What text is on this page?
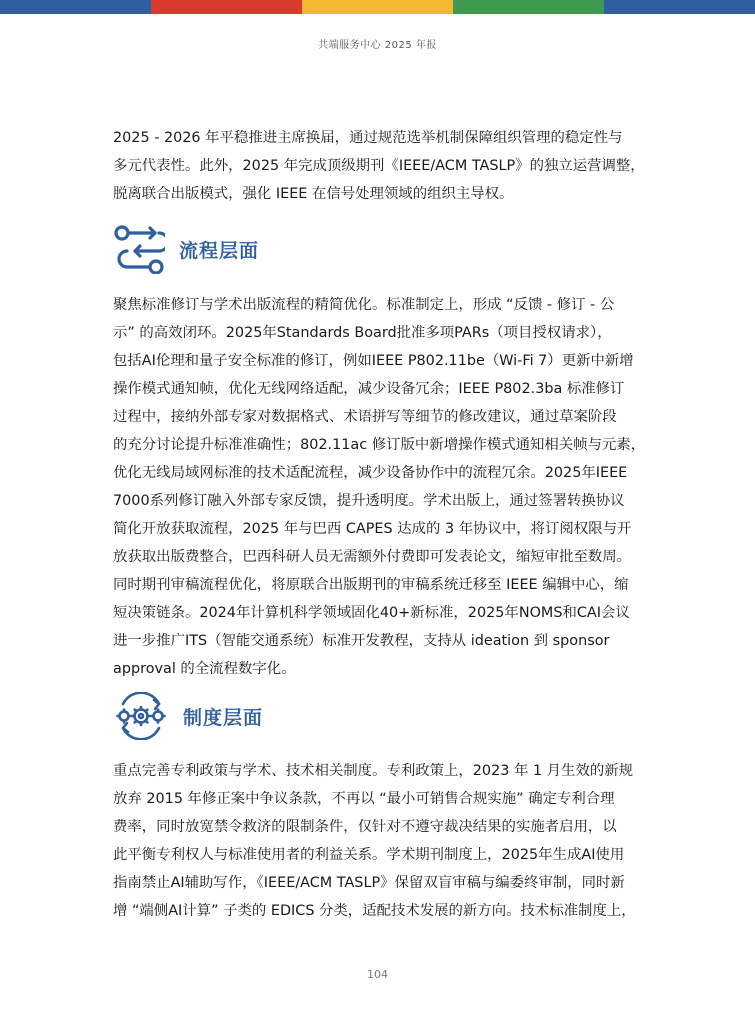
共端服务中心 2025 年报

2025 - 2026 年平稳推进主席换届，通过规范选举机制保障组织管理的稳定性与
多元代表性。此外，2025 年完成顶级期刊《IEEE/ACM TASLP》的独立运营调整，
脱离联合出版模式，强化 IEEE 在信号处理领域的组织主导权。

流程层面

聚焦标准修订与学术出版流程的精简优化。标准制定上，形成 “反馈 - 修订 - 公
示” 的高效闭环。2025年Standards Board批准多项PARs（项目授权请求），
包括AI伦理和量子安全标准的修订，例如IEEE P802.11be（Wi-Fi 7）更新中新增
操作模式通知帧，优化无线网络适配，减少设备冗余；IEEE P802.3ba 标准修订
过程中，接纳外部专家对数据格式、术语拼写等细节的修改建议，通过草案阶段
的充分讨论提升标准准确性；802.11ac 修订版中新增操作模式通知相关帧与元素，
优化无线局域网标准的技术适配流程，减少设备协作中的流程冗余。2025年IEEE
7000系列修订融入外部专家反馈，提升透明度。学术出版上，通过签署转换协议
简化开放获取流程，2025 年与巴西 CAPES 达成的 3 年协议中，将订阅权限与开
放获取出版费整合，巴西科研人员无需额外付费即可发表论文，缩短审批至数周。
同时期刊审稿流程优化，将原联合出版期刊的审稿系统迁移至 IEEE 编辑中心，缩
短决策链条。2024年计算机科学领域固化40+新标准，2025年NOMS和CAI会议
进一步推广ITS（智能交通系统）标准开发教程，支持从 ideation 到 sponsor
approval 的全流程数字化。

制度层面

重点完善专利政策与学术、技术相关制度。专利政策上，2023 年 1 月生效的新规
放弃 2015 年修正案中争议条款，不再以 “最小可销售合规实施” 确定专利合理
费率，同时放宽禁令救济的限制条件，仅针对不遵守裁决结果的实施者启用，以
此平衡专利权人与标准使用者的利益关系。学术期刊制度上，2025年生成AI使用
指南禁止AI辅助写作，《IEEE/ACM TASLP》保留双盲审稿与编委终审制，同时新
增 “端侧AI计算” 子类的 EDICS 分类，适配技术发展的新方向。技术标准制度上，

104
